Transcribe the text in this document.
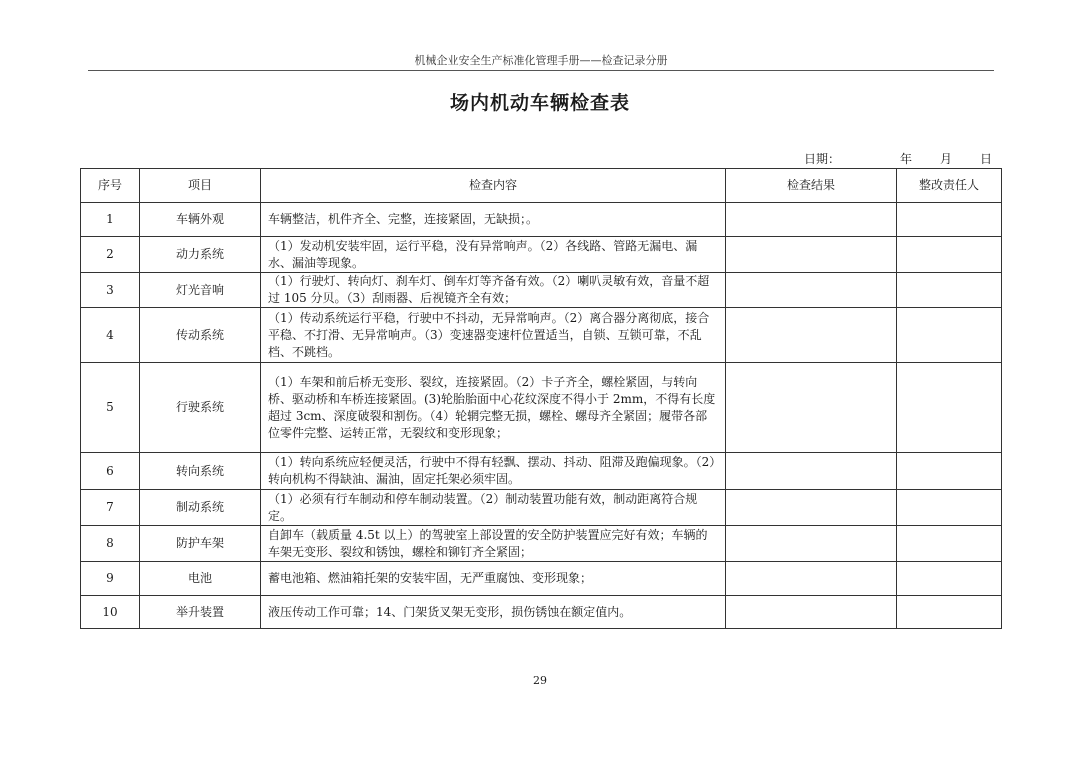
机械企业安全生产标准化管理手册——检查记录分册
场内机动车辆检查表
日期：	年 月 日
序号	项目	检查内容	检查结果	整改责任人
1	车辆外观	车辆整洁，机件齐全、完整，连接紧固，无缺损；。		
2	动力系统	（1）发动机安装牢固，运行平稳，没有异常响声。（2）各线路、管路无漏电、漏水、漏油等现象。		
3	灯光音响	（1）行驶灯、转向灯、刹车灯、倒车灯等齐备有效。（2）喇叭灵敏有效，音量不超过 105 分贝。（3）刮雨器、后视镜齐全有效；		
4	传动系统	（1）传动系统运行平稳，行驶中不抖动，无异常响声。（2）离合器分离彻底，接合平稳、不打滑、无异常响声。（3）变速器变速杆位置适当，自锁、互锁可靠，不乱档、不跳档。		
5	行驶系统	（1）车架和前后桥无变形、裂纹，连接紧固。（2）卡子齐全，螺栓紧固，与转向桥、驱动桥和车桥连接紧固。(3)轮胎胎面中心花纹深度不得小于 2mm，不得有长度超过 3cm、深度破裂和割伤。（4）轮辋完整无损，螺栓、螺母齐全紧固；履带各部位零件完整、运转正常，无裂纹和变形现象；		
6	转向系统	（1）转向系统应轻便灵活，行驶中不得有轻飘、摆动、抖动、阻滞及跑偏现象。（2）转向机构不得缺油、漏油，固定托架必须牢固。		
7	制动系统	（1）必须有行车制动和停车制动装置。（2）制动装置功能有效，制动距离符合规定。		
8	防护车架	自卸车（载质量 4.5t 以上）的驾驶室上部设置的安全防护装置应完好有效；车辆的车架无变形、裂纹和锈蚀，螺栓和铆钉齐全紧固；		
9	电池	蓄电池箱、燃油箱托架的安装牢固，无严重腐蚀、变形现象；		
10	举升装置	液压传动工作可靠；14、门架货叉架无变形，损伤锈蚀在额定值内。		
29
